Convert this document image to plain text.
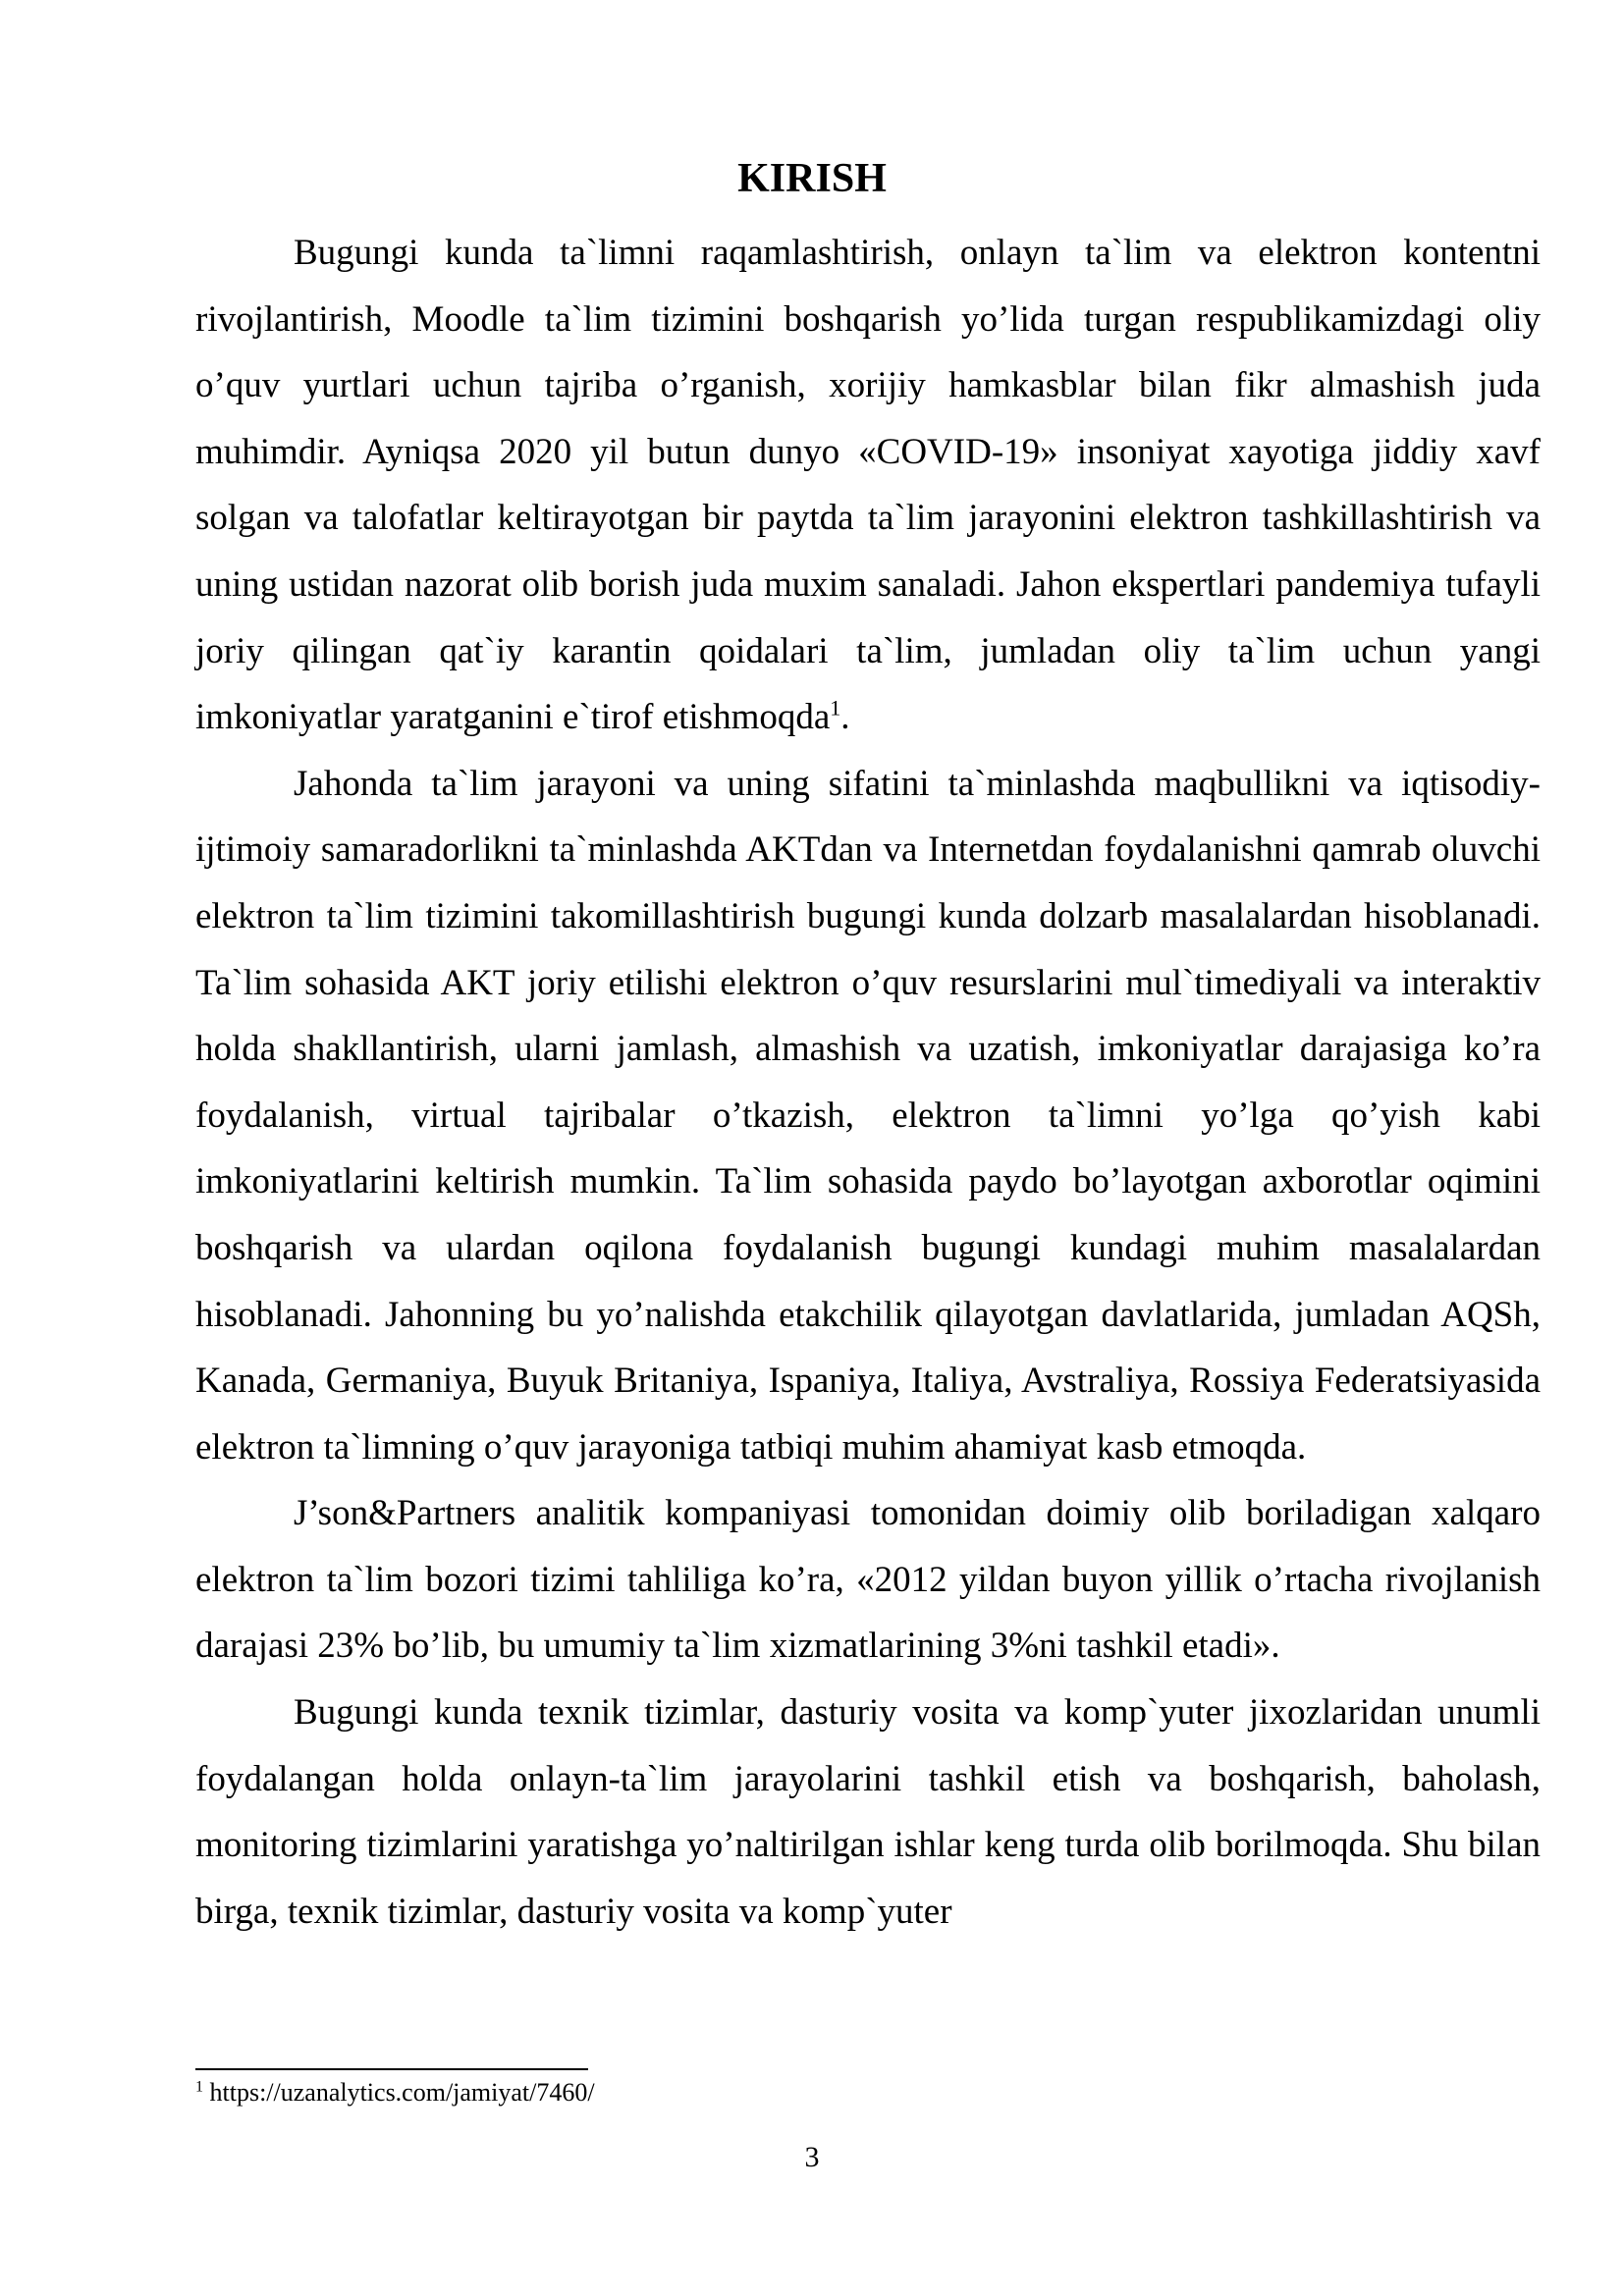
KIRISH

Bugungi kunda ta`limni raqamlashtirish, onlayn ta`lim va elektron kontentni rivojlantirish, Moodle ta`lim tizimini boshqarish yo’lida turgan respublikamizdagi oliy o’quv yurtlari uchun tajriba o’rganish, xorijiy hamkasblar bilan fikr almashish juda muhimdir. Ayniqsa 2020 yil butun dunyo «COVID-19» insoniyat xayotiga jiddiy xavf solgan va talofatlar keltirayotgan bir paytda ta`lim jarayonini elektron tashkillashtirish va uning ustidan nazorat olib borish juda muxim sanaladi. Jahon ekspertlari pandemiya tufayli joriy qilingan qat`iy karantin qoidalari ta`lim, jumladan oliy ta`lim uchun yangi imkoniyatlar yaratganini e`tirof etishmoqda$^1$.

Jahonda ta`lim jarayoni va uning sifatini ta`minlashda maqbullikni va iqtisodiy-ijtimoiy samaradorlikni ta`minlashda AKTdan va Internetdan foydalanishni qamrab oluvchi elektron ta`lim tizimini takomillashtirish bugungi kunda dolzarb masalalardan hisoblanadi. Ta`lim sohasida AKT joriy etilishi elektron o’quv resurslarini mul`timediyali va interaktiv holda shakllantirish, ularni jamlash, almashish va uzatish, imkoniyatlar darajasiga ko’ra foydalanish, virtual tajribalar o’tkazish, elektron ta`limni yo’lga qo’yish kabi imkoniyatlarini keltirish mumkin. Ta`lim sohasida paydo bo’layotgan axborotlar oqimini boshqarish va ulardan oqilona foydalanish bugungi kundagi muhim masalalardan hisoblanadi. Jahonning bu yo’nalishda etakchilik qilayotgan davlatlarida, jumladan AQSh, Kanada, Germaniya, Buyuk Britaniya, Ispaniya, Italiya, Avstraliya, Rossiya Federatsiyasida elektron ta`limning o’quv jarayoniga tatbiqi muhim ahamiyat kasb etmoqda.

J’son&Partners analitik kompaniyasi tomonidan doimiy olib boriladigan xalqaro elektron ta`lim bozori tizimi tahliliga ko’ra, «2012 yildan buyon yillik o’rtacha rivojlanish darajasi 23% bo’lib, bu umumiy ta`lim xizmatlarining 3%ni tashkil etadi».

Bugungi kunda texnik tizimlar, dasturiy vosita va komp`yuter jixozlaridan unumli foydalangan holda onlayn-ta`lim jarayolarini tashkil etish va boshqarish, baholash, monitoring tizimlarini yaratishga yo’naltirilgan ishlar keng turda olib borilmoqda. Shu bilan birga, texnik tizimlar, dasturiy vosita va komp`yuter

$^1$ https://uzanalytics.com/jamiyat/7460/

3
